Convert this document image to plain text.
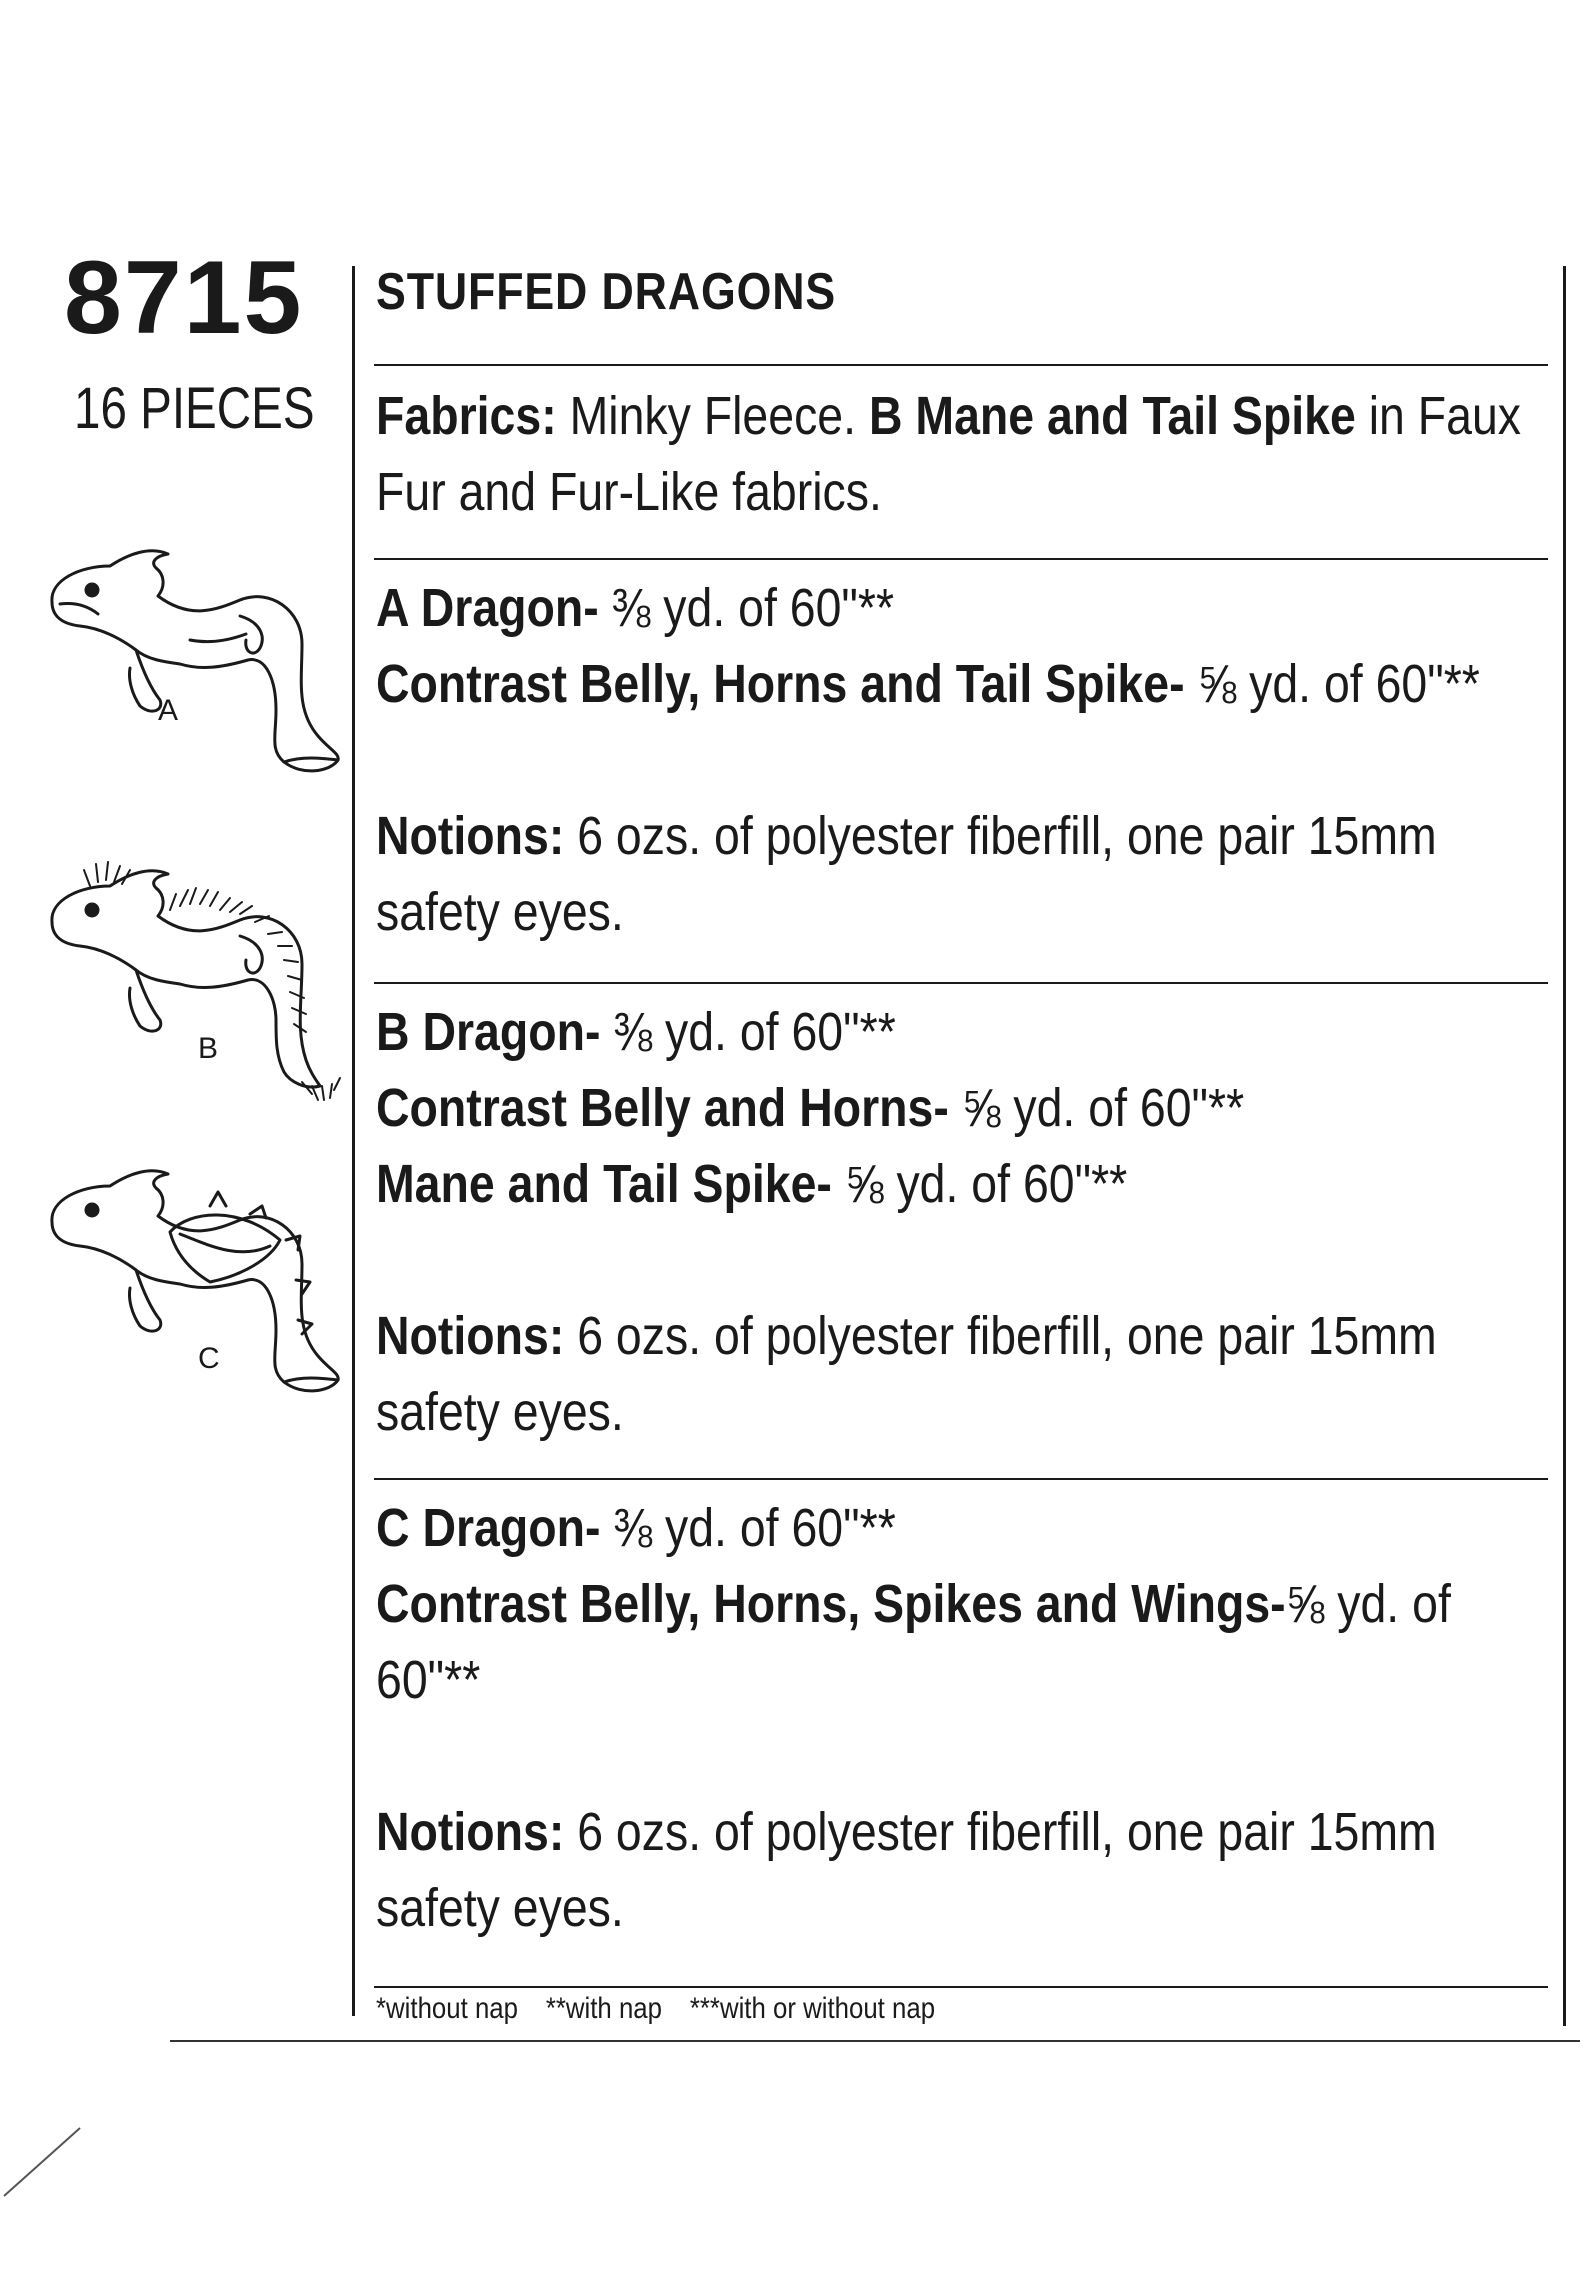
8715
16 PIECES
A
B
C
STUFFED DRAGONS
Fabrics: Minky Fleece. B Mane and Tail Spike in Faux
Fur and Fur-Like fabrics.
A Dragon- ⅜ yd. of 60"**
Contrast Belly, Horns and Tail Spike- ⅝ yd. of 60"**
Notions: 6 ozs. of polyester fiberfill, one pair 15mm
safety eyes.
B Dragon- ⅜ yd. of 60"**
Contrast Belly and Horns- ⅝ yd. of 60"**
Mane and Tail Spike- ⅝ yd. of 60"**
Notions: 6 ozs. of polyester fiberfill, one pair 15mm
safety eyes.
C Dragon- ⅜ yd. of 60"**
Contrast Belly, Horns, Spikes and Wings-⅝ yd. of
60"**
Notions: 6 ozs. of polyester fiberfill, one pair 15mm
safety eyes.
*without nap **with nap ***with or without nap
